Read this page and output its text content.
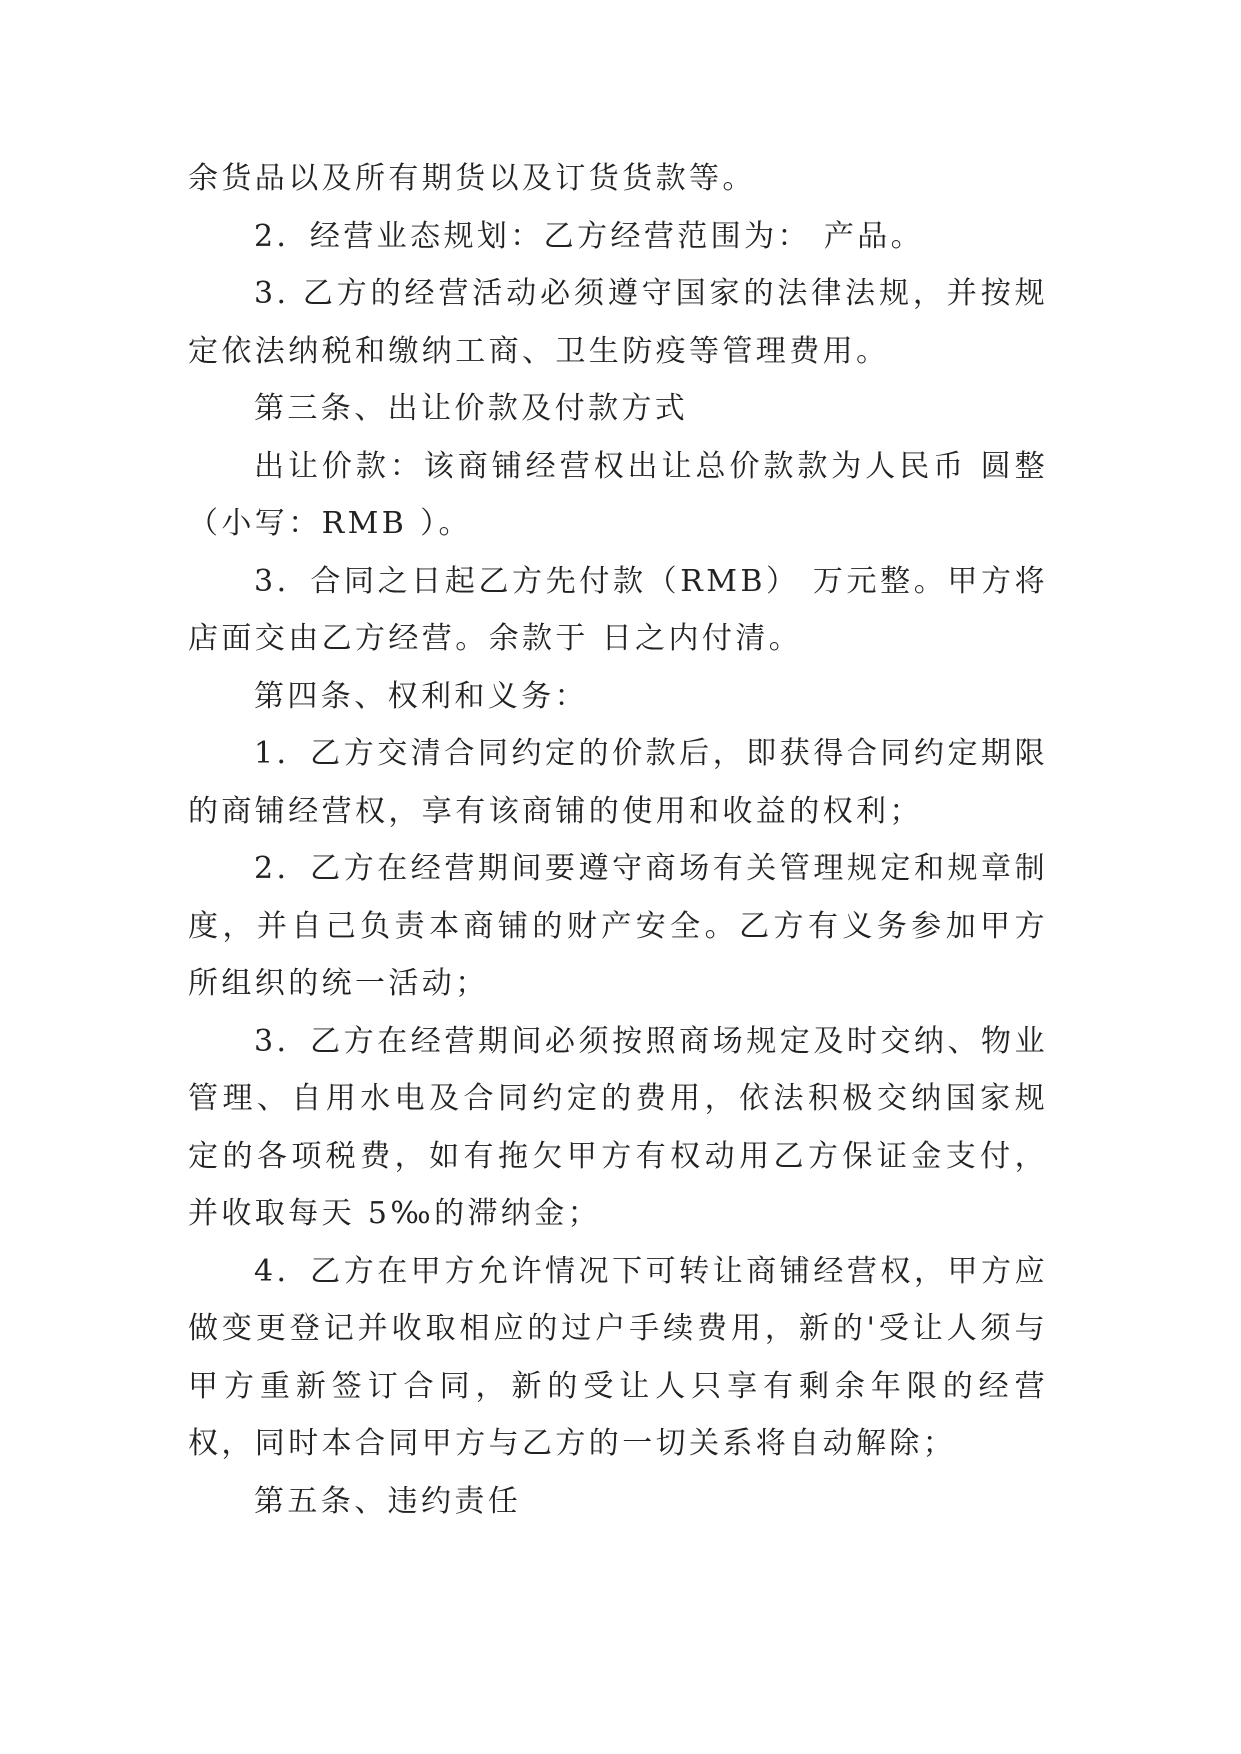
余货品以及所有期货以及订货货款等。

2．经营业态规划：乙方经营范围为： 产品。

3. 乙方的经营活动必须遵守国家的法律法规，并按规定依法纳税和缴纳工商、卫生防疫等管理费用。

第三条、出让价款及付款方式

出让价款：该商铺经营权出让总价款款为人民币 圆整（小写：RMB ）。

3．合同之日起乙方先付款（RMB） 万元整。甲方将店面交由乙方经营。余款于 日之内付清。

第四条、权利和义务：

1．乙方交清合同约定的价款后，即获得合同约定期限的商铺经营权，享有该商铺的使用和收益的权利；

2．乙方在经营期间要遵守商场有关管理规定和规章制度，并自己负责本商铺的财产安全。乙方有义务参加甲方所组织的统一活动；

3．乙方在经营期间必须按照商场规定及时交纳、物业管理、自用水电及合同约定的费用，依法积极交纳国家规定的各项税费，如有拖欠甲方有权动用乙方保证金支付，并收取每天 5‰的滞纳金；

4．乙方在甲方允许情况下可转让商铺经营权，甲方应做变更登记并收取相应的过户手续费用，新的'受让人须与甲方重新签订合同，新的受让人只享有剩余年限的经营权，同时本合同甲方与乙方的一切关系将自动解除；

第五条、违约责任
